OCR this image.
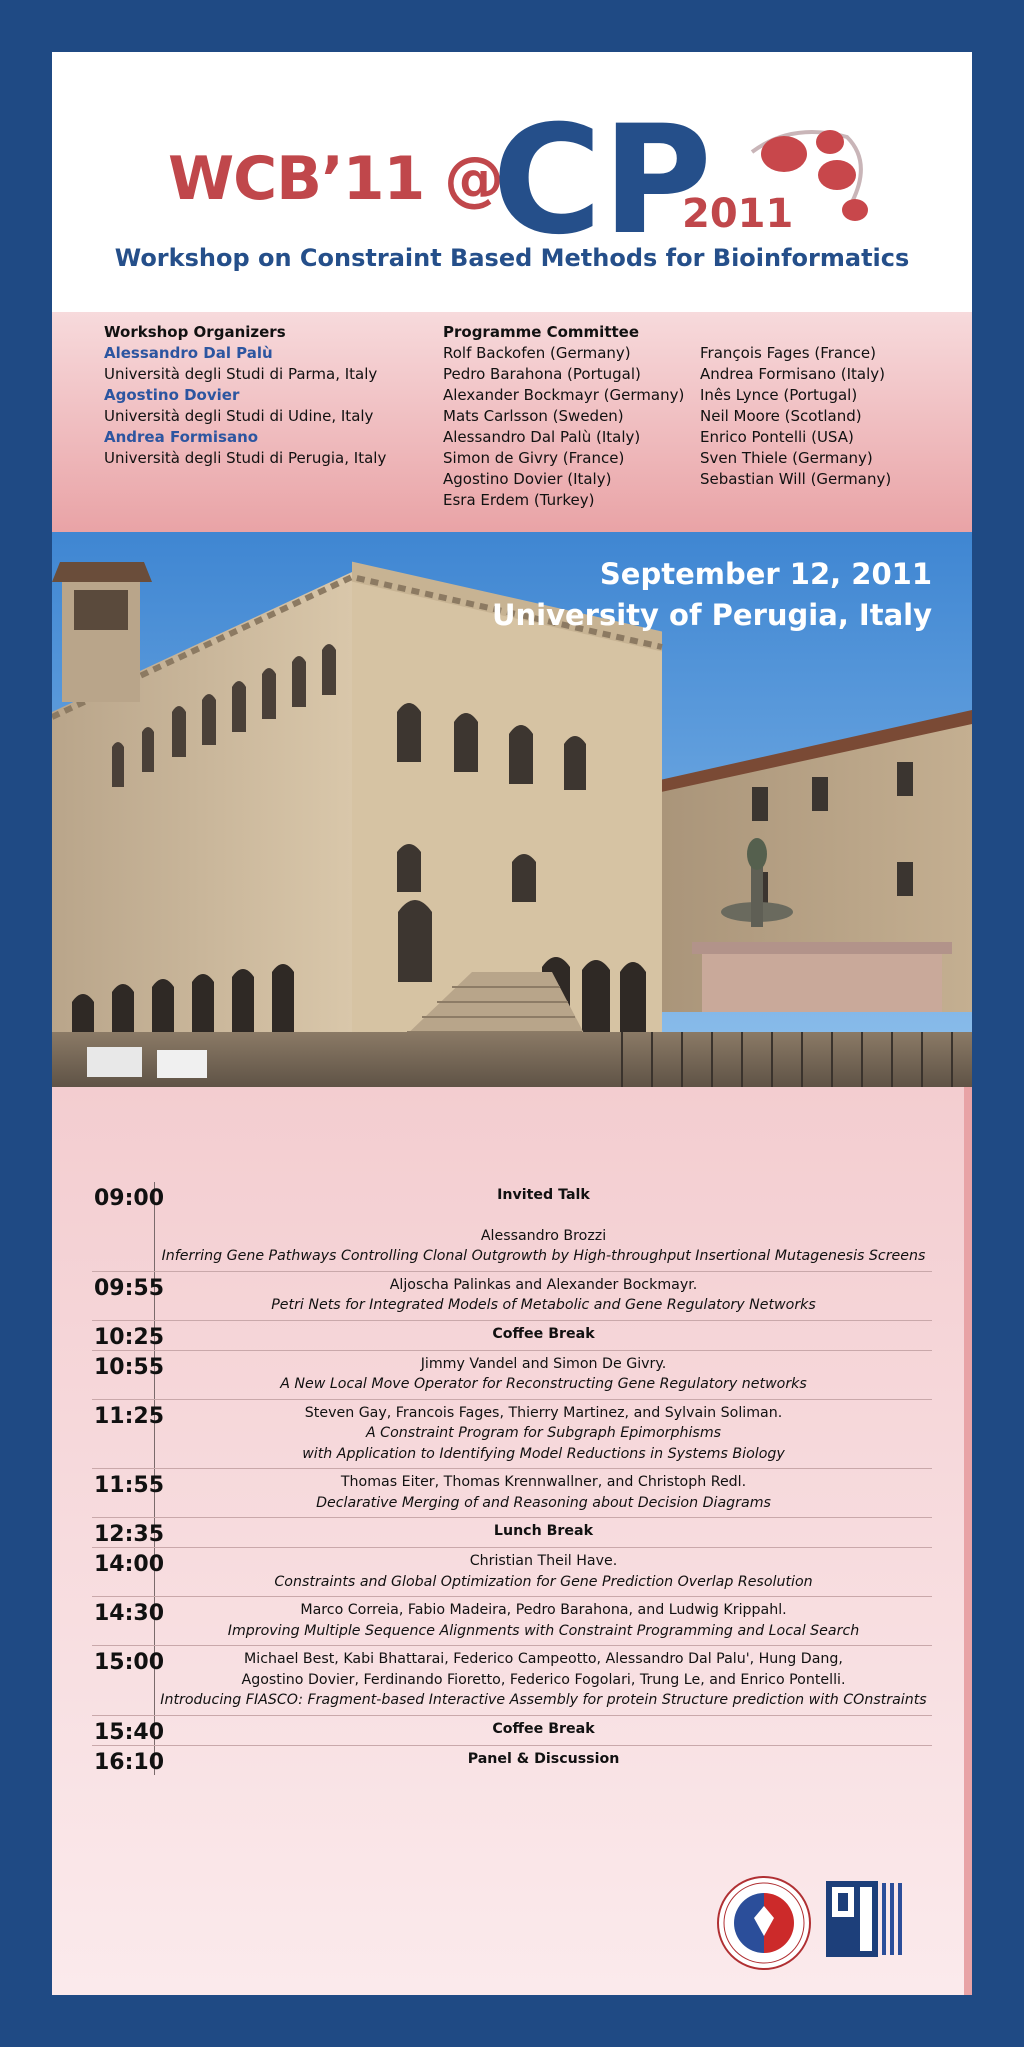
WCB’11 @
CP
2011
Workshop on Constraint Based Methods for Bioinformatics
Workshop Organizers
Alessandro Dal Palù
Università degli Studi di Parma, Italy
Agostino Dovier
Università degli Studi di Udine, Italy
Andrea Formisano
Università degli Studi di Perugia, Italy
Programme Committee
Rolf Backofen (Germany)
Pedro Barahona (Portugal)
Alexander Bockmayr (Germany)
Mats Carlsson (Sweden)
Alessandro Dal Palù (Italy)
Simon de Givry (France)
Agostino Dovier (Italy)
Esra Erdem (Turkey)
François Fages (France)
Andrea Formisano (Italy)
Inês Lynce (Portugal)
Neil Moore (Scotland)
Enrico Pontelli (USA)
Sven Thiele (Germany)
Sebastian Will (Germany)
September 12, 2011
University of Perugia, Italy
09:00	Invited Talk
Alessandro Brozzi
Inferring Gene Pathways Controlling Clonal Outgrowth by High-throughput Insertional Mutagenesis Screens
09:55	Aljoscha Palinkas and Alexander Bockmayr.
Petri Nets for Integrated Models of Metabolic and Gene Regulatory Networks
10:25	Coffee Break
10:55	Jimmy Vandel and Simon De Givry.
A New Local Move Operator for Reconstructing Gene Regulatory networks
11:25	Steven Gay, Francois Fages, Thierry Martinez, and Sylvain Soliman.
A Constraint Program for Subgraph Epimorphisms
with Application to Identifying Model Reductions in Systems Biology
11:55	Thomas Eiter, Thomas Krennwallner, and Christoph Redl.
Declarative Merging of and Reasoning about Decision Diagrams
12:35	Lunch Break
14:00	Christian Theil Have.
Constraints and Global Optimization for Gene Prediction Overlap Resolution
14:30	Marco Correia, Fabio Madeira, Pedro Barahona, and Ludwig Krippahl.
Improving Multiple Sequence Alignments with Constraint Programming and Local Search
15:00	Michael Best, Kabi Bhattarai, Federico Campeotto, Alessandro Dal Palu', Hung Dang,
Agostino Dovier, Ferdinando Fioretto, Federico Fogolari, Trung Le, and Enrico Pontelli.
Introducing FIASCO: Fragment-based Interactive Assembly for protein Structure prediction with COnstraints
15:40	Coffee Break
16:10	Panel & Discussion
